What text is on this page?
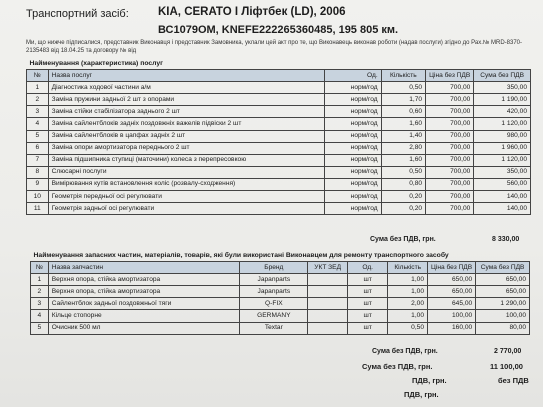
Транспортний засіб:	KIA, CERATO І Ліфтбек (LD), 2006
ВС1079ОМ, KNEFE222265360485, 195 805 км.
Ми, що нижче підписалися, представник Виконавця і представник Замовника, уклали цей акт про те, що Виконавець виконав роботи (надав послуги) згідно до Рах.№ MRD-8370-2135483 від 18.04.25 та договору № від
Найменування (характеристика) послуг					
№	Назва послуг	Од.	Кількість	Ціна без ПДВ	Сума без ПДВ
1	Діагностика ходової частини а/м	норм/год	0,50	700,00	350,00
2	Заміна пружини задньої 2 шт з опорами	норм/год	1,70	700,00	1 190,00
3	Заміна стійки стабілізатора заднього 2 шт	норм/год	0,60	700,00	420,00
4	Заміна сайлентблоків задніх поздовжніх важелів підвіски 2 шт	норм/год	1,60	700,00	1 120,00
5	Заміна сайлентблоків в цапфах задніх 2 шт	норм/год	1,40	700,00	980,00
6	Заміна опори амортизатора переднього 2 шт	норм/год	2,80	700,00	1 960,00
7	Заміна підшипника ступиці (маточини) колеса з перепресовкою	норм/год	1,60	700,00	1 120,00
8	Слюсарні послуги	норм/год	0,50	700,00	350,00
9	Вимірювання кутів встановлення коліс (розвалу-сходження)	норм/год	0,80	700,00	560,00
10	Геометрія передньої осі регулювати	норм/год	0,20	700,00	140,00
11	Геометрія задньої осі регулювати	норм/год	0,20	700,00	140,00
Сума без ПДВ, грн.	8 330,00
Найменування запасних частин, матеріалів, товарів, які були використані Виконавцем для ремонту транспортного засобу							
№	Назва запчастин	Бренд	УКТ ЗЕД	Од.	Кількість	Ціна без ПДВ	Сума без ПДВ
1	Верхня опора, стійка амортизатора	Japanparts		шт	1,00	650,00	650,00
2	Верхня опора, стійка амортизатора	Japanparts		шт	1,00	650,00	650,00
3	Сайлентблок задньої поздовжньої тяги	Q-FIX		шт	2,00	645,00	1 290,00
4	Кільце стопорне	GERMANY		шт	1,00	100,00	100,00
5	Очисник 500 мл	Textar		шт	0,50	160,00	80,00
Сума без ПДВ, грн.	2 770,00
Сума без ПДВ, грн.	11 100,00
ПДВ, грн.	без ПДВ
ПДВ, грн.
